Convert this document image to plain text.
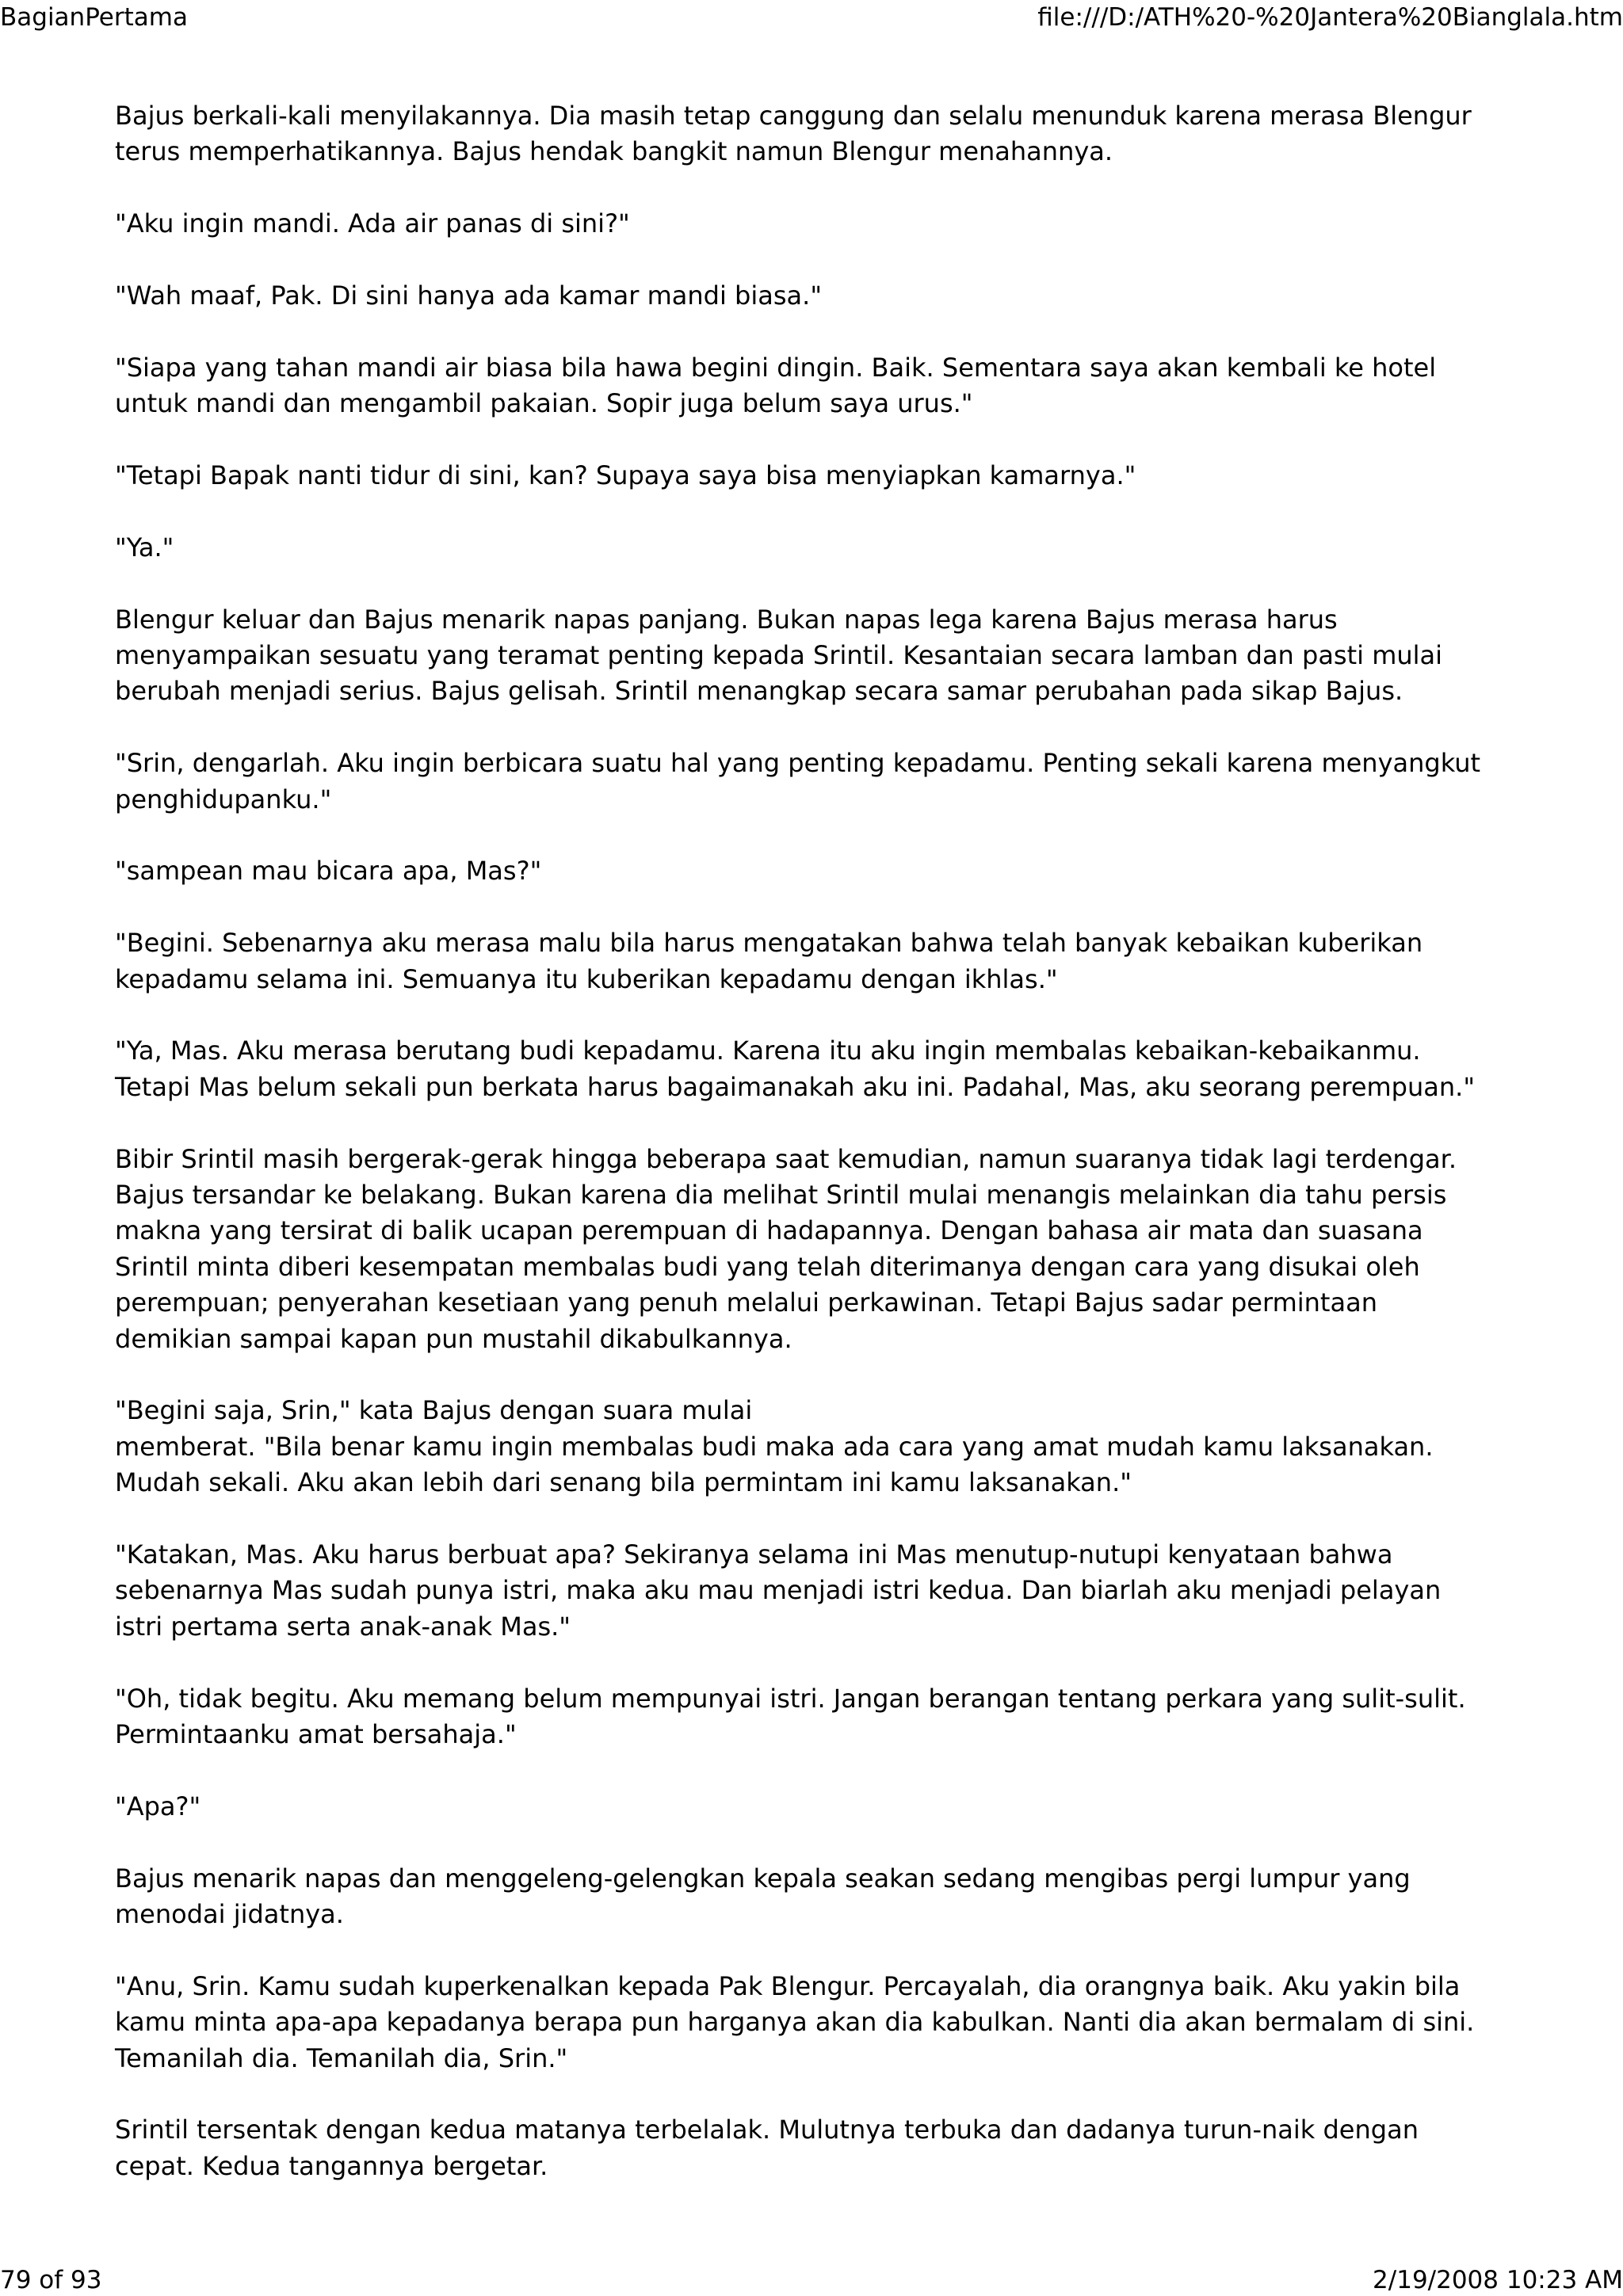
BagianPertama	file:///D:/ATH%20-%20Jantera%20Bianglala.htm

Bajus berkali-kali menyilakannya. Dia masih tetap canggung dan selalu menunduk karena merasa Blengur
terus memperhatikannya. Bajus hendak bangkit namun Blengur menahannya.

"Aku ingin mandi. Ada air panas di sini?"

"Wah maaf, Pak. Di sini hanya ada kamar mandi biasa."

"Siapa yang tahan mandi air biasa bila hawa begini dingin. Baik. Sementara saya akan kembali ke hotel
untuk mandi dan mengambil pakaian. Sopir juga belum saya urus."

"Tetapi Bapak nanti tidur di sini, kan? Supaya saya bisa menyiapkan kamarnya."

"Ya."

Blengur keluar dan Bajus menarik napas panjang. Bukan napas lega karena Bajus merasa harus
menyampaikan sesuatu yang teramat penting kepada Srintil. Kesantaian secara lamban dan pasti mulai
berubah menjadi serius. Bajus gelisah. Srintil menangkap secara samar perubahan pada sikap Bajus.

"Srin, dengarlah. Aku ingin berbicara suatu hal yang penting kepadamu. Penting sekali karena menyangkut
penghidupanku."

"sampean mau bicara apa, Mas?"

"Begini. Sebenarnya aku merasa malu bila harus mengatakan bahwa telah banyak kebaikan kuberikan
kepadamu selama ini. Semuanya itu kuberikan kepadamu dengan ikhlas."

"Ya, Mas. Aku merasa berutang budi kepadamu. Karena itu aku ingin membalas kebaikan-kebaikanmu.
Tetapi Mas belum sekali pun berkata harus bagaimanakah aku ini. Padahal, Mas, aku seorang perempuan."

Bibir Srintil masih bergerak-gerak hingga beberapa saat kemudian, namun suaranya tidak lagi terdengar.
Bajus tersandar ke belakang. Bukan karena dia melihat Srintil mulai menangis melainkan dia tahu persis
makna yang tersirat di balik ucapan perempuan di hadapannya. Dengan bahasa air mata dan suasana
Srintil minta diberi kesempatan membalas budi yang telah diterimanya dengan cara yang disukai oleh
perempuan; penyerahan kesetiaan yang penuh melalui perkawinan. Tetapi Bajus sadar permintaan
demikian sampai kapan pun mustahil dikabulkannya.

"Begini saja, Srin," kata Bajus dengan suara mulai
memberat. "Bila benar kamu ingin membalas budi maka ada cara yang amat mudah kamu laksanakan.
Mudah sekali. Aku akan lebih dari senang bila permintam ini kamu laksanakan."

"Katakan, Mas. Aku harus berbuat apa? Sekiranya selama ini Mas menutup-nutupi kenyataan bahwa
sebenarnya Mas sudah punya istri, maka aku mau menjadi istri kedua. Dan biarlah aku menjadi pelayan
istri pertama serta anak-anak Mas."

"Oh, tidak begitu. Aku memang belum mempunyai istri. Jangan berangan tentang perkara yang sulit-sulit.
Permintaanku amat bersahaja."

"Apa?"

Bajus menarik napas dan menggeleng-gelengkan kepala seakan sedang mengibas pergi lumpur yang
menodai jidatnya.

"Anu, Srin. Kamu sudah kuperkenalkan kepada Pak Blengur. Percayalah, dia orangnya baik. Aku yakin bila
kamu minta apa-apa kepadanya berapa pun harganya akan dia kabulkan. Nanti dia akan bermalam di sini.
Temanilah dia. Temanilah dia, Srin."

Srintil tersentak dengan kedua matanya terbelalak. Mulutnya terbuka dan dadanya turun-naik dengan
cepat. Kedua tangannya bergetar.

79 of 93	2/19/2008 10:23 AM
